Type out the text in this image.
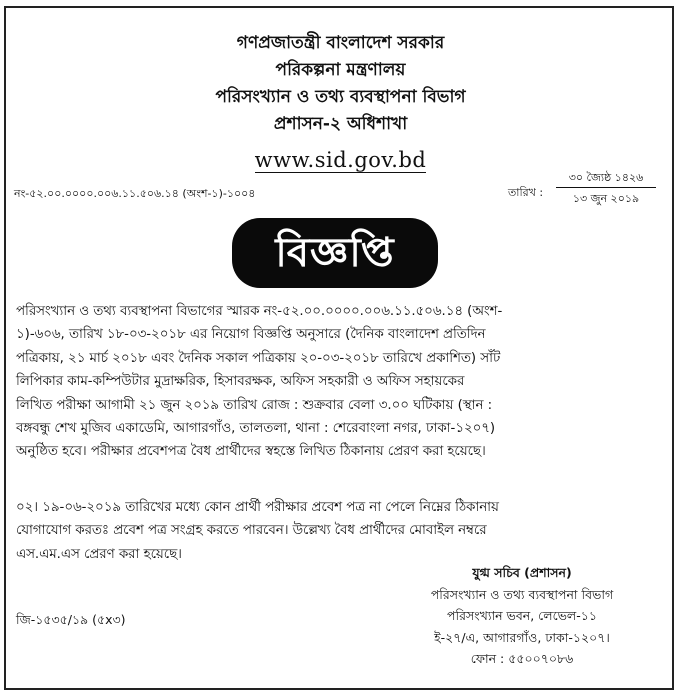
গণপ্রজাতন্ত্রী বাংলাদেশ সরকার
পরিকল্পনা মন্ত্রণালয়
পরিসংখ্যান ও তথ্য ব্যবস্থাপনা বিভাগ
প্রশাসন-২ অধিশাখা
www.sid.gov.bd
নং-৫২.০০.০০০০.০০৬.১১.৫০৬.১৪ (অংশ-১)-১০০৪	তারিখ :
৩০ জ্যৈষ্ঠ ১৪২৬
১৩ জুন ২০১৯
বিজ্ঞপ্তি
পরিসংখ্যান ও তথ্য ব্যবস্থাপনা বিভাগের স্মারক নং-৫২.০০.০০০০.০০৬.১১.৫০৬.১৪ (অংশ-
১)-৬০৬, তারিখ ১৮-০৩-২০১৮ এর নিয়োগ বিজ্ঞপ্তি অনুসারে (দৈনিক বাংলাদেশ প্রতিদিন
পত্রিকায়, ২১ মার্চ ২০১৮ এবং দৈনিক সকাল পত্রিকায় ২০-০৩-২০১৮ তারিখে প্রকাশিত) সাঁট
লিপিকার কাম-কম্পিউটার মুদ্রাক্ষরিক, হিসাবরক্ষক, অফিস সহকারী ও অফিস সহায়কের
লিখিত পরীক্ষা আগামী ২১ জুন ২০১৯ তারিখ রোজ : শুক্রবার বেলা ৩.০০ ঘটিকায় (স্থান :
বঙ্গবন্ধু শেখ মুজিব একাডেমি, আগারগাঁও, তালতলা, থানা : শেরেবাংলা নগর, ঢাকা-১২০৭)
অনুষ্ঠিত হবে। পরীক্ষার প্রবেশপত্র বৈধ প্রার্থীদের স্বহস্তে লিখিত ঠিকানায় প্রেরণ করা হয়েছে।
০২। ১৯-০৬-২০১৯ তারিখের মধ্যে কোন প্রার্থী পরীক্ষার প্রবেশ পত্র না পেলে নিম্নের ঠিকানায়
যোগাযোগ করতঃ প্রবেশ পত্র সংগ্রহ করতে পারবেন। উল্লেখ্য বৈধ প্রার্থীদের মোবাইল নম্বরে
এস.এম.এস প্রেরণ করা হয়েছে।
যুগ্ম সচিব (প্রশাসন)
পরিসংখ্যান ও তথ্য ব্যবস্থাপনা বিভাগ
পরিসংখ্যান ভবন, লেভেল-১১
ই-২৭/এ, আগারগাঁও, ঢাকা-১২০৭।
ফোন : ৫৫০০৭০৮৬
জি-১৫৩৫/১৯ (৫x৩)
